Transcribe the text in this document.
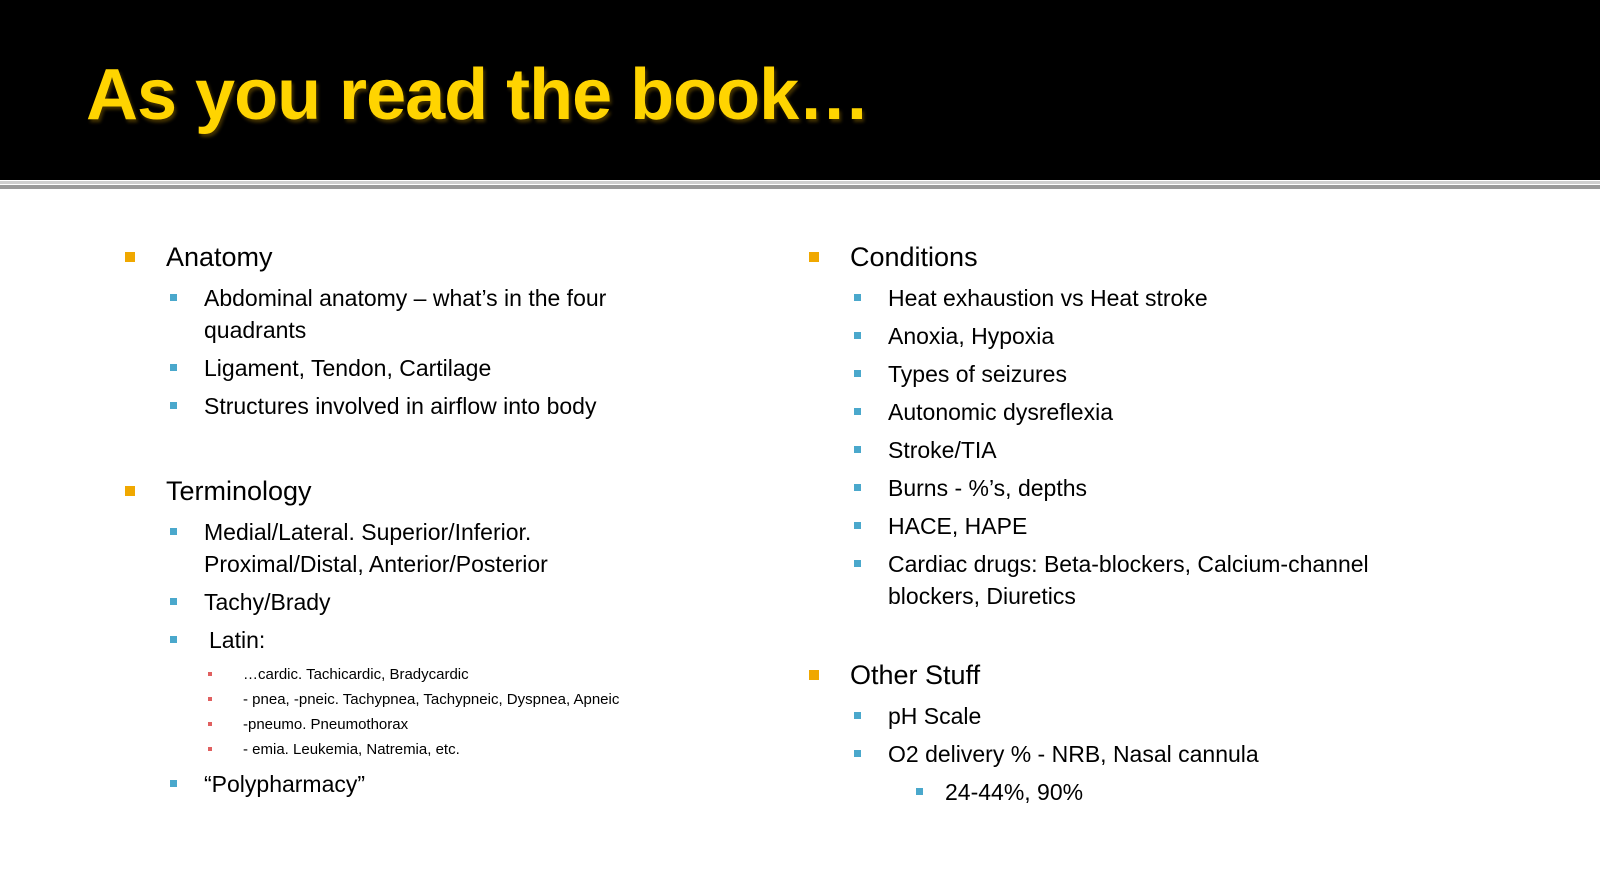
As you read the book…
Anatomy
Abdominal anatomy – what’s in the four quadrants
Ligament, Tendon, Cartilage
Structures involved in airflow into body
Terminology
Medial/Lateral. Superior/Inferior. Proximal/Distal, Anterior/Posterior
Tachy/Brady
Latin:
…cardic. Tachicardic, Bradycardic
- pnea, -pneic. Tachypnea, Tachypneic, Dyspnea, Apneic
-pneumo. Pneumothorax
- emia. Leukemia, Natremia, etc.
“Polypharmacy”
Conditions
Heat exhaustion vs Heat stroke
Anoxia, Hypoxia
Types of seizures
Autonomic dysreflexia
Stroke/TIA
Burns - %’s, depths
HACE, HAPE
Cardiac drugs: Beta-blockers, Calcium-channel blockers, Diuretics
Other Stuff
pH Scale
O2 delivery % - NRB, Nasal cannula
24-44%, 90%
